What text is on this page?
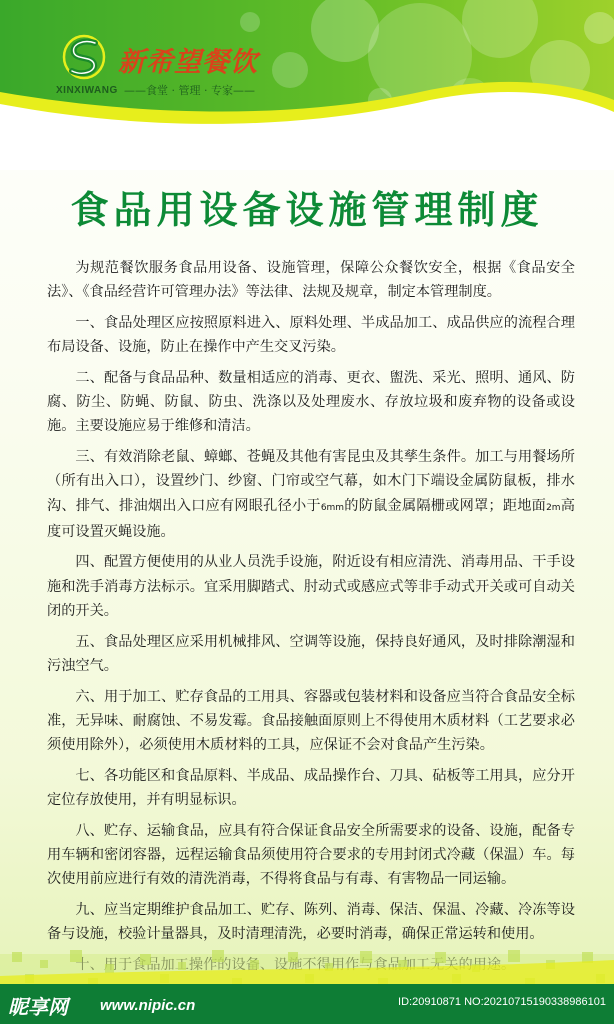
新希望餐饮
XINXIWANG ——食堂 · 管理 · 专家——
食品用设备设施管理制度

为规范餐饮服务食品用设备、设施管理，保障公众餐饮安全，根据《食品安全法》、《食品经营许可管理办法》等法律、法规及规章，制定本管理制度。

一、食品处理区应按照原料进入、原料处理、半成品加工、成品供应的流程合理布局设备、设施，防止在操作中产生交叉污染。

二、配备与食品品种、数量相适应的消毒、更衣、盥洗、采光、照明、通风、防腐、防尘、防蝇、防鼠、防虫、洗涤以及处理废水、存放垃圾和废弃物的设备或设施。主要设施应易于维修和清洁。

三、有效消除老鼠、蟑螂、苍蝇及其他有害昆虫及其孳生条件。加工与用餐场所（所有出入口），设置纱门、纱窗、门帘或空气幕，如木门下端设金属防鼠板，排水沟、排气、排油烟出入口应有网眼孔径小于6mm的防鼠金属隔栅或网罩；距地面2m高度可设置灭蝇设施。

四、配置方便使用的从业人员洗手设施，附近设有相应清洗、消毒用品、干手设施和洗手消毒方法标示。宜采用脚踏式、肘动式或感应式等非手动式开关或可自动关闭的开关。

五、食品处理区应采用机械排风、空调等设施，保持良好通风，及时排除潮湿和污浊空气。

六、用于加工、贮存食品的工用具、容器或包装材料和设备应当符合食品安全标准，无异味、耐腐蚀、不易发霉。食品接触面原则上不得使用木质材料（工艺要求必须使用除外），必须使用木质材料的工具，应保证不会对食品产生污染。

七、各功能区和食品原料、半成品、成品操作台、刀具、砧板等工用具，应分开定位存放使用，并有明显标识。

八、贮存、运输食品，应具有符合保证食品安全所需要求的设备、设施，配备专用车辆和密闭容器，远程运输食品须使用符合要求的专用封闭式冷藏（保温）车。每次使用前应进行有效的清洗消毒，不得将食品与有毒、有害物品一同运输。

九、应当定期维护食品加工、贮存、陈列、消毒、保洁、保温、冷藏、冷冻等设备与设施，校验计量器具，及时清理清洗，必要时消毒，确保正常运转和使用。

昵享网 www.nipic.cn	ID:20910871 NO:20210715190338986101
